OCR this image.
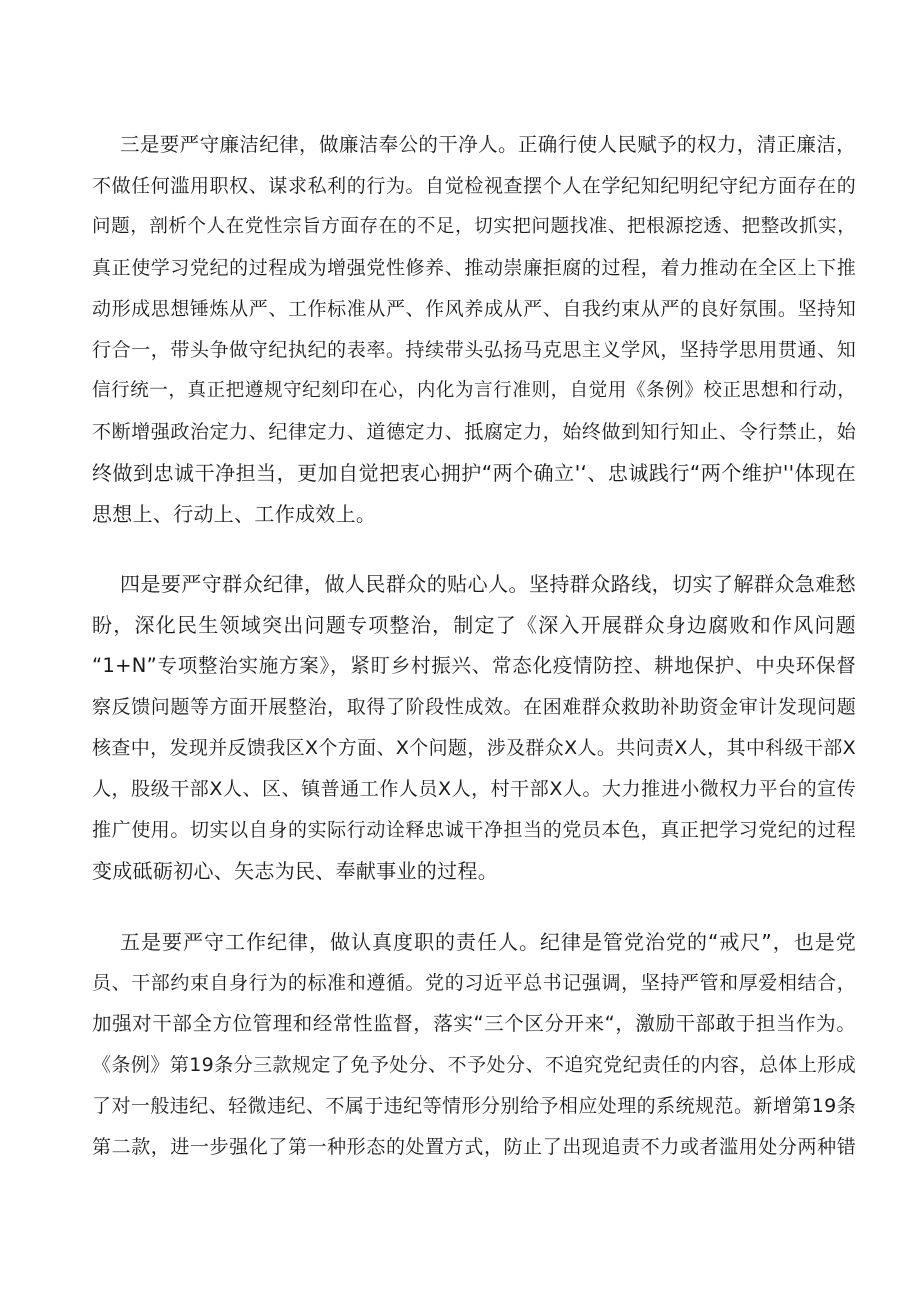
三是要严守廉洁纪律，做廉洁奉公的干净人。正确行使人民赋予的权力，清正廉洁，
不做任何滥用职权、谋求私利的行为。自觉检视查摆个人在学纪知纪明纪守纪方面存在的
问题，剖析个人在党性宗旨方面存在的不足，切实把问题找准、把根源挖透、把整改抓实，
真正使学习党纪的过程成为增强党性修养、推动崇廉拒腐的过程，着力推动在全区上下推
动形成思想锤炼从严、工作标准从严、作风养成从严、自我约束从严的良好氛围。坚持知
行合一，带头争做守纪执纪的表率。持续带头弘扬马克思主义学风，坚持学思用贯通、知
信行统一，真正把遵规守纪刻印在心，内化为言行准则，自觉用《条例》校正思想和行动，
不断增强政治定力、纪律定力、道德定力、抵腐定力，始终做到知行知止、令行禁止，始
终做到忠诚干净担当，更加自觉把衷心拥护“两个确立'‘、忠诚践行“两个维护''体现在
思想上、行动上、工作成效上。
四是要严守群众纪律，做人民群众的贴心人。坚持群众路线，切实了解群众急难愁
盼，深化民生领域突出问题专项整治，制定了《深入开展群众身边腐败和作风问题
“1+N”专项整治实施方案》，紧盯乡村振兴、常态化疫情防控、耕地保护、中央环保督
察反馈问题等方面开展整治，取得了阶段性成效。在困难群众救助补助资金审计发现问题
核查中，发现并反馈我区X个方面、X个问题，涉及群众X人。共问责X人，其中科级干部X
人，股级干部X人、区、镇普通工作人员X人，村干部X人。大力推进小微权力平台的宣传
推广使用。切实以自身的实际行动诠释忠诚干净担当的党员本色，真正把学习党纪的过程
变成砥砺初心、矢志为民、奉献事业的过程。
五是要严守工作纪律，做认真度职的责任人。纪律是管党治党的“戒尺”，也是党
员、干部约束自身行为的标准和遵循。党的习近平总书记强调，坚持严管和厚爱相结合，
加强对干部全方位管理和经常性监督，落实“三个区分开来“，激励干部敢于担当作为。
《条例》第19条分三款规定了免予处分、不予处分、不追究党纪责任的内容，总体上形成
了对一般违纪、轻微违纪、不属于违纪等情形分别给予相应处理的系统规范。新增第19条
第二款，进一步强化了第一种形态的处置方式，防止了出现追责不力或者滥用处分两种错
